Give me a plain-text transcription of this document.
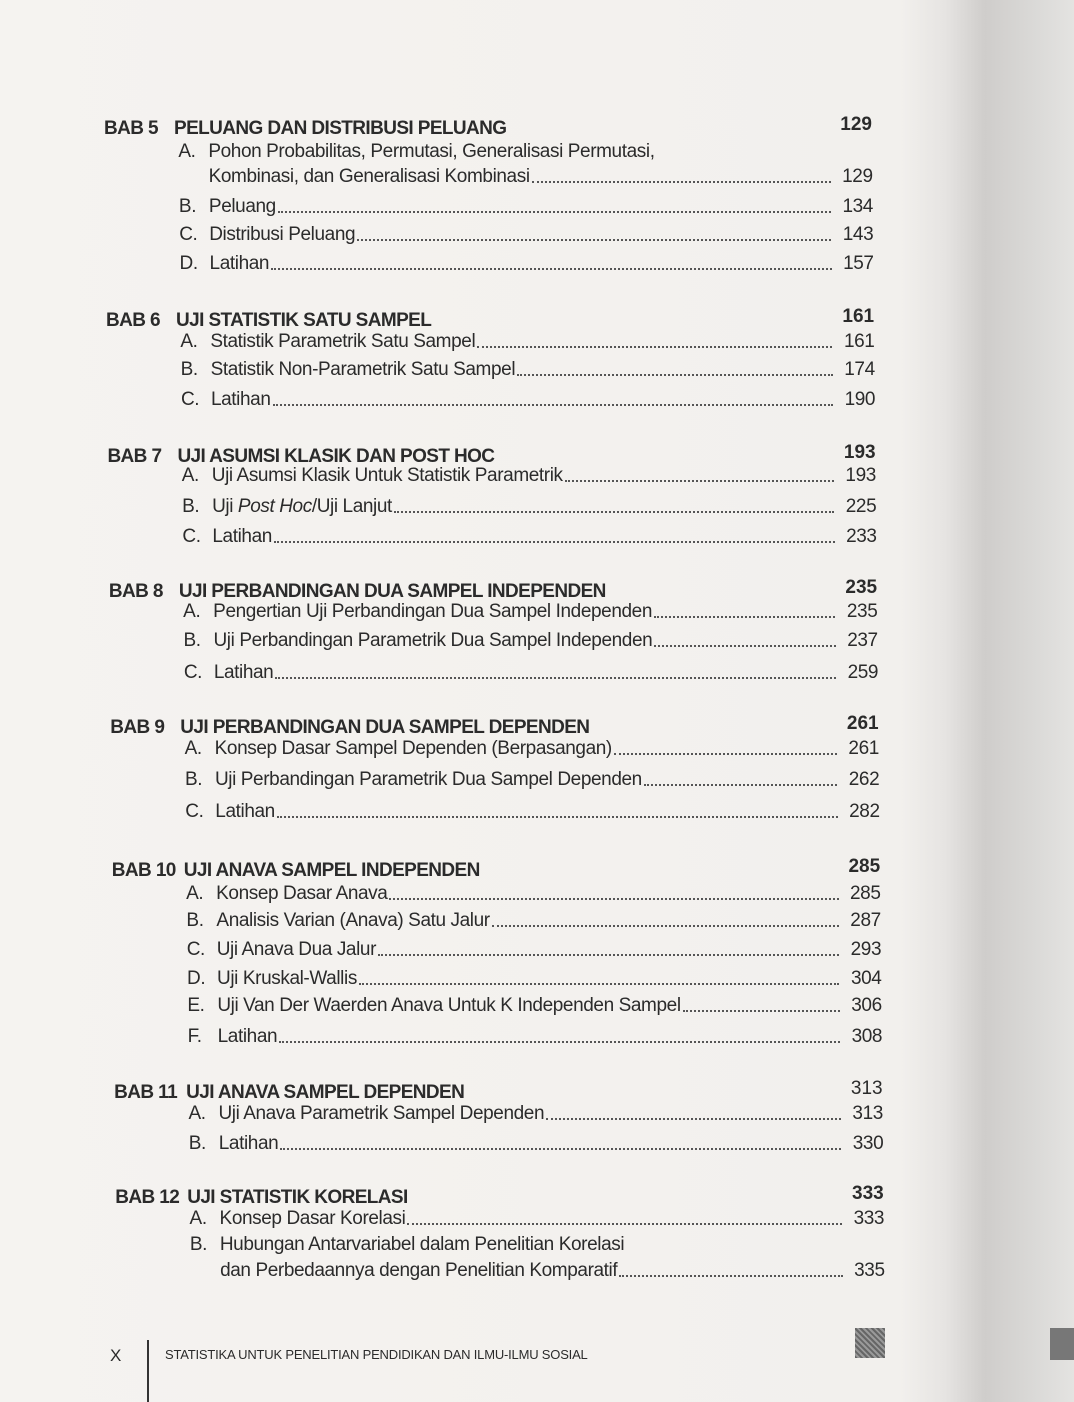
BAB 5 PELUANG DAN DISTRIBUSI PELUANG	129
A. Pohon Probabilitas, Permutasi, Generalisasi Permutasi,
Kombinasi, dan Generalisasi Kombinasi	129
B. Peluang	134
C. Distribusi Peluang	143
D. Latihan	157
BAB 6 UJI STATISTIK SATU SAMPEL	161
A. Statistik Parametrik Satu Sampel	161
B. Statistik Non-Parametrik Satu Sampel	174
C. Latihan	190
BAB 7 UJI ASUMSI KLASIK DAN POST HOC	193
A. Uji Asumsi Klasik Untuk Statistik Parametrik	193
B. Uji Post Hoc/Uji Lanjut	225
C. Latihan	233
BAB 8 UJI PERBANDINGAN DUA SAMPEL INDEPENDEN	235
A. Pengertian Uji Perbandingan Dua Sampel Independen	235
B. Uji Perbandingan Parametrik Dua Sampel Independen	237
C. Latihan	259
BAB 9 UJI PERBANDINGAN DUA SAMPEL DEPENDEN	261
A. Konsep Dasar Sampel Dependen (Berpasangan)	261
B. Uji Perbandingan Parametrik Dua Sampel Dependen	262
C. Latihan	282
BAB 10 UJI ANAVA SAMPEL INDEPENDEN	285
A. Konsep Dasar Anava	285
B. Analisis Varian (Anava) Satu Jalur	287
C. Uji Anava Dua Jalur	293
D. Uji Kruskal-Wallis	304
E. Uji Van Der Waerden Anava Untuk K Independen Sampel	306
F. Latihan	308
BAB 11 UJI ANAVA SAMPEL DEPENDEN	313
A. Uji Anava Parametrik Sampel Dependen	313
B. Latihan	330
BAB 12 UJI STATISTIK KORELASI	333
A. Konsep Dasar Korelasi	333
B. Hubungan Antarvariabel dalam Penelitian Korelasi
dan Perbedaannya dengan Penelitian Komparatif	335
X	STATISTIKA UNTUK PENELITIAN PENDIDIKAN DAN ILMU-ILMU SOSIAL
